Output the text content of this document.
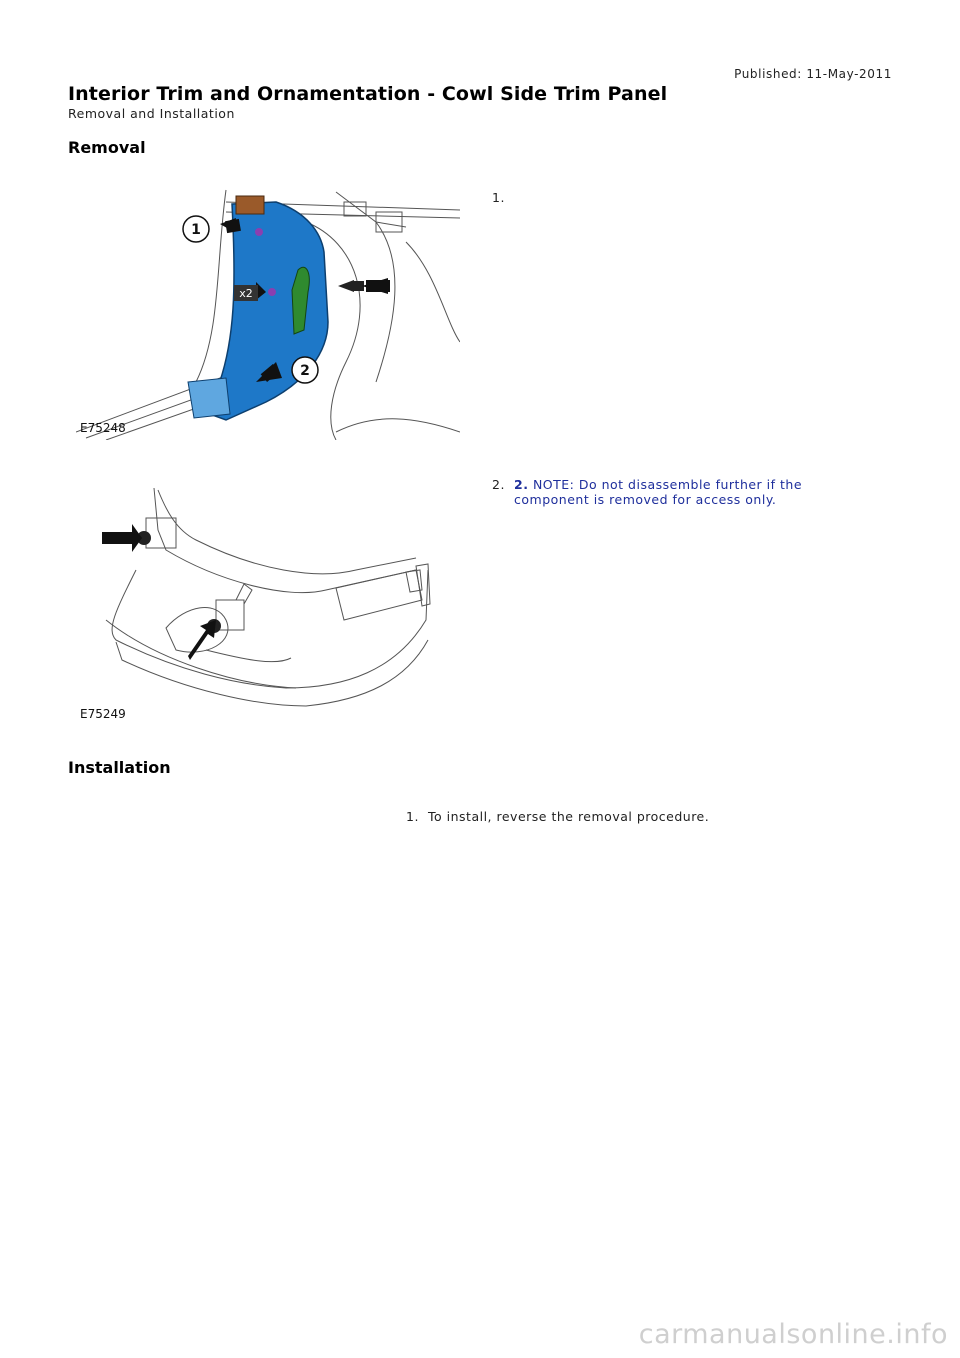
Published: 11-May-2011
Interior Trim and Ornamentation - Cowl Side Trim Panel
Removal and Installation
Removal
1
x2
2
E75248
1.
E75249
2. 2. NOTE: Do not disassemble further if the component is removed for access only.
Installation
1. To install, reverse the removal procedure.
carmanualsonline.info
